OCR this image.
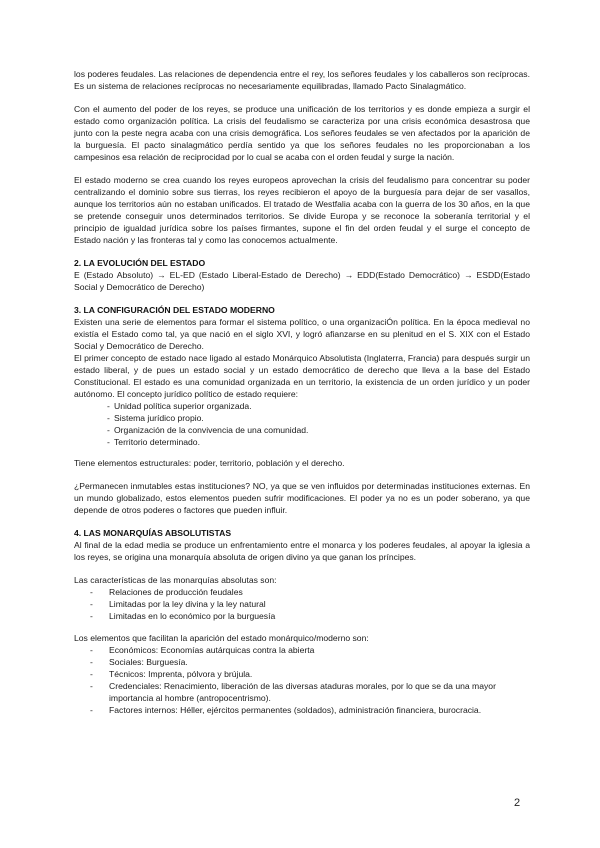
los poderes feudales. Las relaciones de dependencia entre el rey, los señores feudales y los caballeros son recíprocas. Es un sistema de relaciones recíprocas no necesariamente equilibradas, llamado Pacto Sinalagmático.

Con el aumento del poder de los reyes, se produce una unificación de los territorios y es donde empieza a surgir el estado como organización política. La crisis del feudalismo se caracteriza por una crisis económica desastrosa que junto con la peste negra acaba con una crisis demográfica. Los señores feudales se ven afectados por la aparición de la burguesía. El pacto sinalagmático perdía sentido ya que los señores feudales no les proporcionaban a los campesinos esa relación de reciprocidad por lo cual se acaba con el orden feudal y surge la nación.

El estado moderno se crea cuando los reyes europeos aprovechan la crisis del feudalismo para concentrar su poder centralizando el dominio sobre sus tierras, los reyes recibieron el apoyo de la burguesía para dejar de ser vasallos, aunque los territorios aún no estaban unificados. El tratado de Westfalia acaba con la guerra de los 30 años, en la que se pretende conseguir unos determinados territorios. Se divide Europa y se reconoce la soberanía territorial y el principio de igualdad jurídica sobre los países firmantes, supone el fin del orden feudal y el surge el concepto de Estado nación y las fronteras tal y como las conocemos actualmente.

2. LA EVOLUCIÓN DEL ESTADO

E (Estado Absoluto) → EL-ED (Estado Liberal-Estado de Derecho) → EDD(Estado Democrático) → ESDD(Estado Social y Democrático de Derecho)

3. LA CONFIGURACIÓN DEL ESTADO MODERNO

Existen una serie de elementos para formar el sistema político, o una organizaciÓn política. En la época medieval no existía el Estado como tal, ya que nació en el siglo XVI, y logró afianzarse en su plenitud en el S. XIX con el Estado Social y Democrático de Derecho.

El primer concepto de estado nace ligado al estado Monárquico Absolutista (Inglaterra, Francia) para después surgir un estado liberal, y de pues un estado social y un estado democrático de derecho que lleva a la base del Estado Constitucional. El estado es una comunidad organizada en un territorio, la existencia de un orden jurídico y un poder autónomo. El concepto jurídico político de estado requiere:

- Unidad política superior organizada.
- Sistema jurídico propio.
- Organización de la convivencia de una comunidad.
- Territorio determinado.

Tiene elementos estructurales: poder, territorio, población y el derecho.

¿Permanecen inmutables estas instituciones? NO, ya que se ven influidos por determinadas instituciones externas. En un mundo globalizado, estos elementos pueden sufrir modificaciones. El poder ya no es un poder soberano, ya que depende de otros poderes o factores que pueden influir.

4. LAS MONARQUÍAS ABSOLUTISTAS

Al final de la edad media se produce un enfrentamiento entre el monarca y los poderes feudales, al apoyar la iglesia a los reyes, se origina una monarquía absoluta de origen divino ya que ganan los príncipes.

Las características de las monarquías absolutas son:

- Relaciones de producción feudales
- Limitadas por la ley divina y la ley natural
- Limitadas en lo económico por la burguesía

Los elementos que facilitan la aparición del estado monárquico/moderno son:

- Económicos: Economías autárquicas contra la abierta
- Sociales: Burguesía.
- Técnicos: Imprenta, pólvora y brújula.
- Credenciales: Renacimiento, liberación de las diversas ataduras morales, por lo que se da una mayor importancia al hombre (antropocentrismo).
- Factores internos: Héller, ejércitos permanentes (soldados), administración financiera, burocracia.
2
